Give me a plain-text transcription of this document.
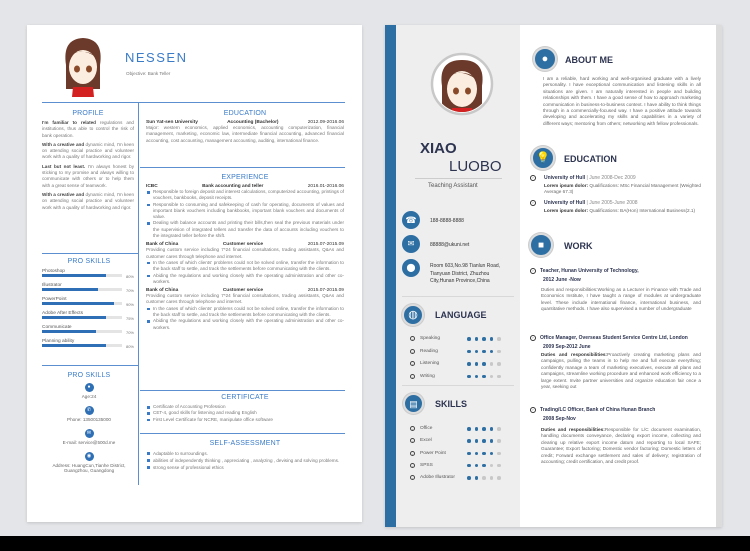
NESSEN
Objective: Bank Teller
PROFILE
I'm familiar to related regulations and institutions, thus able to control the risk of bank operation.
With a creative and dynamic mind, I'm keen on attending social practice and volunteer work with a quality of hardworking and rigor.
Last but not least. I'm always honest by sticking to my promise and always willing to communicate with others or to help them with a great sense of teamwork.
With a creative and dynamic mind, I'm keen on attending social practice and volunteer work with a quality of hardworking and rigor.
PRO SKILLS
Photoshop
80%
Illustrator
70%
PowerPoint
90%
Adobe After Effects
75%
Communicate
70%
Planning ability
80%
PRO SKILLS
●
Age:24
✆
Phone: 13500135000
✉
E-mail: service@500d.me
◉
Address: HuangCun,Tianhe District, Guangzhou, Guangdong
EDUCATION
Sun Yat-sen University	Accounting (Bachelor)	2012.09-2016.06
Major: western economics, applied economics, accounting computerization, financial management, marketing, economic law, intermediate financial accounting, advanced financial accounting, cost accounting, management accounting, auditing, international finance.
EXPERIENCE
ICBC	Bank accounting and teller	2016.01-2016.06
Responsible to foreign deposit and interest calculations, computerized accounting, printings of vouchers, bankbooks, deposit receipts.
Responsible to consuming and safekeeping of cash for operating, documents of values and important blank vouchers including bankbooks, important blank vouchers and documents of value.
Dealing with balance accounts and printing their bills,then seal the previous materials under the supervision of integrated tellers and transfer the data of accounts including vouchers to the integrated teller before the shift.
Bank of China	Customer service	2015.07-2015.09
Providing custom service including 7*24 financial consultations, trading assistants, Q&As and customer cares through telephone and internet.
In the cases of which clients' problems could not be solved online, transfer the information to the back staff to settle, and track the settlements before communicating with the clients.
Abiding the regulations and working closely with the operating administration and other co-workers.
Bank of China	Customer service	2015.07-2015.09
Providing custom service including 7*24 financial consultations, trading assistants, Q&As and customer cares through telephone and internet.
In the cases of which clients' problems could not be solved online, transfer the information to the back staff to settle, and track the settlements before communicating with the clients.
Abiding the regulations and working closely with the operating administration and other co-workers.
CERTIFICATE
Certificate of Accounting Profession
CET-4, good skills for listening and reading English
First Level Certificate for NCRE, manipulate office software
SELF-ASSESSMENT
Adaptable to surroundings.
abilities of independently thinking , appreciating , analyzing , devising and solving problems.
strong sense of professional ethics
XIAO
LUOBO
Teaching Assistant
☎	188-8888-8888
✉	88888@ukuni.net
⬤	Room 603,No.98 Tianlun Road, Tianyuan District, Zhuzhou City,Hunan Province,China
◍	LANGUAGE
›	Speaking
›	Reading
›	Listening
›	Writing
▤	SKILLS
›	Office
›	Excel
›	Power Point
›	SPSS
›	Adobe Illustrator
●	ABOUT ME
I am a reliable, hard working and well-organised graduate with a lively personality. I have exceptional communication and listening skills in all situations are given. I am naturally interested in people and building relationships with them. I have a good sense of how to approach marketing communication in business-to-business context. I have ability to think things through in a commercially-focused way. I have a positive attitude towards developing and accelerating my skills and capabilities in a variety of different ways; mentoring from others; networking with fellow professionals.
💡	EDUCATION
›	University of Hull | June 2008-Dec 2009
Lorem ipsum dolor: Qualifications: MSc Financial Management (Weighted Average 67.3)
›	University of Hull | June 2005-June 2008
Lorem ipsum dolor: Qualifications: BA(Hon) International Business(2.1)
■	WORK
›	Teacher, Hunan University of Technology,
2012 June -Now
Duties and responsibilities:Working as a Lecturer in Finance with Trade and Economics Institute, I have taught a range of modules at undergraduate level. These include international finance, international business, and quantitative methods. I have also supervised a number of undergraduate
›	Office Manager, Overseas Student Service Centre Ltd, London
2009 Sep-2012 June
Duties and responsibilities:Proactively creating marketing plans and campaigns, pulling the teams in to help me and full execute everything; confidently manage a team of marketing executives, execute all plans and campaigns, streamline working procedure and enhanced work efficiency to a large extent. Invite partner universities and organize education fair once a year, seeking out
›	Trading/LC Officer, Bank of China Hunan Branch
2008 Sep-Nov
Duties and responsibilities:Responsible for L/C document examination, handling documents conveyance, declaring export income, collecting and clearing up relative export income datum and reporting to local SAFE; Guarantee; Export factoring; Domestic vendor factoring; Domestic letters of credit; Forward exchange settlement and sales of delivery; registration of accounting; credit certification, and credit proof.
